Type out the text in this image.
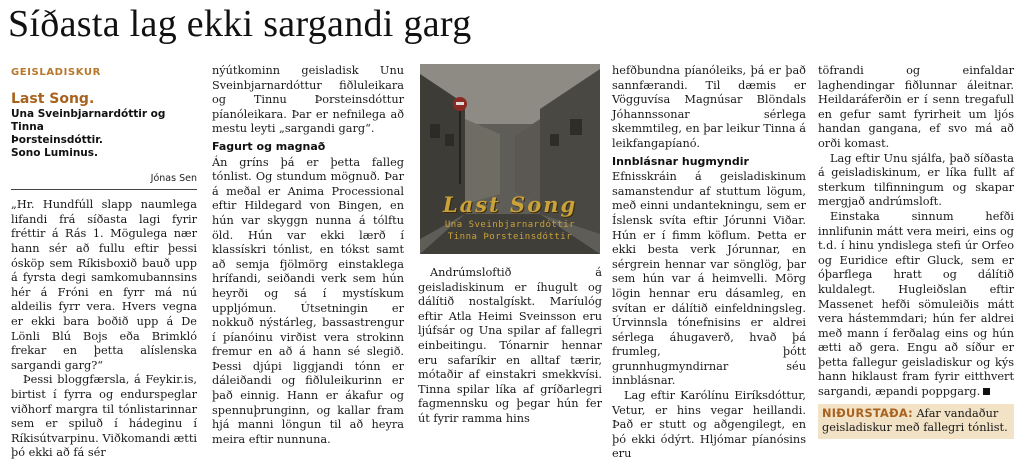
Síðasta lag ekki sargandi garg
GEISLADISKUR
Last Song.
Una Sveinbjarnardóttir og Tinna
Þorsteinsdóttir.
Sono Luminus.
Jónas Sen

„Hr. Hundfúll slapp naumlega lifandi frá síðasta lagi fyrir fréttir á Rás 1. Mögulega nær hann sér að fullu eftir þessi ósköp sem Ríkisboxið bauð upp á fyrsta degi samkomubannsins hér á Fróni en fyrr má nú aldeilis fyrr vera. Hvers vegna er ekki bara boðið upp á De Lönli Blú Bojs eða Brimkló frekar en þetta alíslenska sargandi garg?“

Þessi bloggfærsla, á Feykir.is, birtist í fyrra og endurspeglar viðhorf margra til tónlistarinnar sem er spiluð í hádeginu í Ríkisútvarpinu. Viðkomandi ætti þó ekki að fá sér

nýútkominn geisladisk Unu Sveinbjarnardóttur fiðluleikara og Tinnu Þorsteinsdóttur píanóleikara. Þar er nefnilega að mestu leyti „sargandi garg“.

Fagurt og magnað

Án gríns þá er þetta falleg tónlist. Og stundum mögnuð. Þar á meðal er Anima Processional eftir Hildegard von Bingen, en hún var skyggn nunna á tólftu öld. Hún var ekki lærð í klassískri tónlist, en tókst samt að semja fjölmörg einstaklega hrífandi, seiðandi verk sem hún heyrði og sá í mystískum uppljómun. Útsetningin er nokkuð nýstárleg, bassastrengur í píanóinu virðist vera strokinn fremur en að á hann sé slegið. Þessi djúpi liggjandi tónn er dáleiðandi og fiðluleikurinn er það einnig. Hann er ákafur og spennuþrunginn, og kallar fram hjá manni löngun til að heyra meira eftir nunnuna.

Last Song
Una Sveinbjarnardóttir
Tinna Þorsteinsdóttir

Andrúmsloftið á geisladiskinum er íhugult og dálítið nostalgískt. Maríulóg eftir Atla Heimi Sveinsson eru ljúfsár og Una spilar af fallegri einbeitingu. Tónarnir hennar eru safaríkir en alltaf tærir, mótaðir af einstakri smekkvísi. Tinna spilar líka af gríðarlegri fagmennsku og þegar hún fer út fyrir ramma hins

hefðbundna píanóleiks, þá er það sannfærandi. Til dæmis er Vögguvísa Magnúsar Blöndals Jóhannssonar sérlega skemmtileg, en þar leikur Tinna á leikfangapíanó.

Innblásnar hugmyndir

Efnisskráin á geisladiskinum samanstendur af stuttum lögum, með einni undantekningu, sem er Íslensk svíta eftir Jórunni Viðar. Hún er í fimm köflum. Þetta er ekki besta verk Jórunnar, en sérgrein hennar var sönglög, þar sem hún var á heimvelli. Mörg lögin hennar eru dásamleg, en svítan er dálítið einfeldningsleg. Úrvinnsla tónefnisins er aldrei sérlega áhugaverð, hvað þá frumleg, þótt grunnhugmyndirnar séu innblásnar.

Lag eftir Karólínu Eiríksdóttur, Vetur, er hins vegar heillandi. Það er stutt og aðgengilegt, en þó ekki ódýrt. Hljómar píanósins eru

töfrandi og einfaldar laghendingar fiðlunnar áleitnar. Heildaráferðin er í senn tregafull en gefur samt fyrirheit um ljós handan gangana, ef svo má að orði komast.

Lag eftir Unu sjálfa, það síðasta á geisladiskinum, er líka fullt af sterkum tilfinningum og skapar mergjað andrúmsloft.

Einstaka sinnum hefði innlifunin mátt vera meiri, eins og t.d. í hinu yndislega stefi úr Orfeo og Euridice eftir Gluck, sem er óþarflega hratt og dálítið kuldalegt. Hugleiðslan eftir Massenet hefði sömuleiðis mátt vera hástemmdari; hún fer aldrei með mann í ferðalag eins og hún ætti að gera. Engu að síður er þetta fallegur geisladiskur og kýs hann hiklaust fram fyrir eitthvert sargandi, æpandi poppgarg.

NIÐURSTAÐA: Afar vandaður geisladiskur með fallegri tónlist.
